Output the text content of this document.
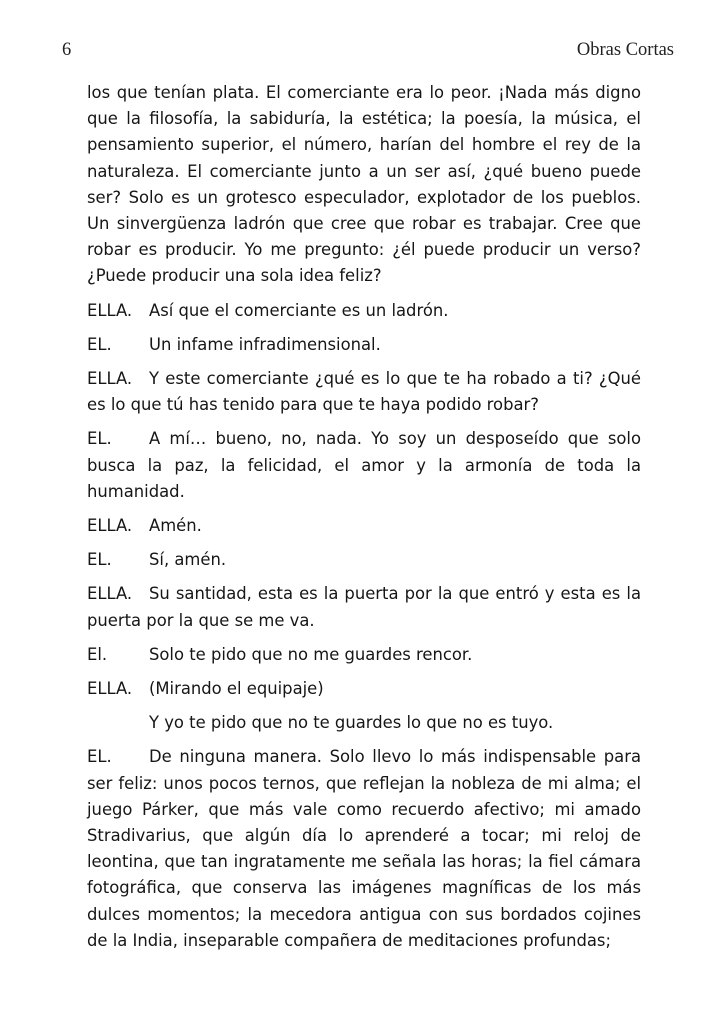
6	Obras Cortas

los que tenían plata. El comerciante era lo peor. ¡Nada más digno que la filosofía, la sabiduría, la estética; la poesía, la música, el pensamiento superior, el número, harían del hombre el rey de la naturaleza. El comerciante junto a un ser así, ¿qué bueno puede ser? Solo es un grotesco especulador, explotador de los pueblos. Un sinvergüenza ladrón que cree que robar es trabajar. Cree que robar es producir. Yo me pregunto: ¿él puede producir un verso? ¿Puede producir una sola idea feliz?

ELLA. Así que el comerciante es un ladrón.

EL. Un infame infradimensional.

ELLA. Y este comerciante ¿qué es lo que te ha robado a ti? ¿Qué es lo que tú has tenido para que te haya podido robar?

EL. A mí… bueno, no, nada. Yo soy un desposeído que solo busca la paz, la felicidad, el amor y la armonía de toda la humanidad.

ELLA. Amén.

EL. Sí, amén.

ELLA. Su santidad, esta es la puerta por la que entró y esta es la puerta por la que se me va.

El.	Solo te pido que no me guardes rencor.

ELLA. (Mirando el equipaje)

Y yo te pido que no te guardes lo que no es tuyo.

EL. De ninguna manera. Solo llevo lo más indispensable para ser feliz: unos pocos ternos, que reflejan la nobleza de mi alma; el juego Párker, que más vale como recuerdo afectivo; mi amado Stradivarius, que algún día lo aprenderé a tocar; mi reloj de leontina, que tan ingratamente me señala las horas; la fiel cámara fotográfica, que conserva las imágenes magníficas de los más dulces momentos; la mecedora antigua con sus bordados cojines de la India, inseparable compañera de meditaciones profundas;
